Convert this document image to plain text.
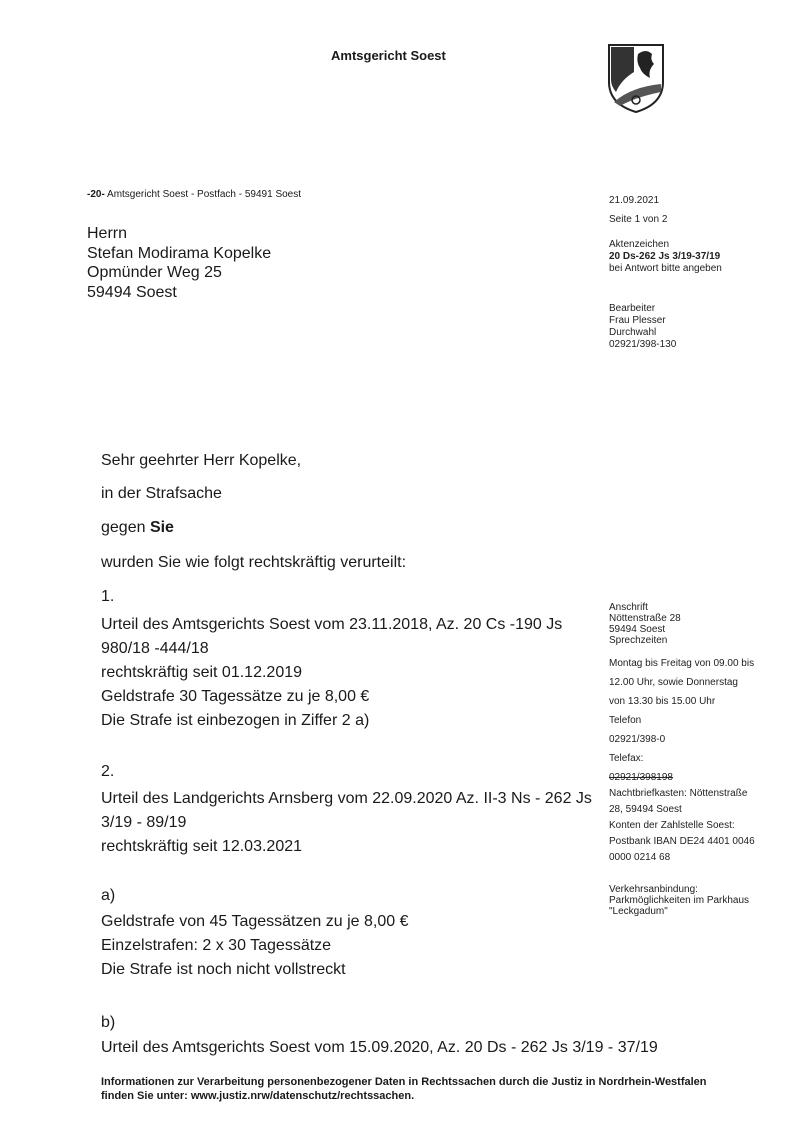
Amtsgericht Soest
-20- Amtsgericht Soest - Postfach - 59491 Soest
Herrn
Stefan Modirama Kopelke
Opmünder Weg 25
59494 Soest
21.09.2021
Seite 1 von 2
Aktenzeichen
20 Ds-262 Js 3/19-37/19
bei Antwort bitte angeben
Bearbeiter
Frau Plesser
Durchwahl
02921/398-130
Sehr geehrter Herr Kopelke,
in der Strafsache
gegen Sie
wurden Sie wie folgt rechtskräftig verurteilt:
1.
Urteil des Amtsgerichts Soest vom 23.11.2018, Az. 20 Cs -190 Js
980/18 -444/18
rechtskräftig seit 01.12.2019
Geldstrafe 30 Tagessätze zu je 8,00 €
Die Strafe ist einbezogen in Ziffer 2 a)
2.
Urteil des Landgerichts Arnsberg vom 22.09.2020 Az. II-3 Ns - 262 Js
3/19 - 89/19
rechtskräftig seit 12.03.2021
a)
Geldstrafe von 45 Tagessätzen zu je 8,00 €
Einzelstrafen: 2 x 30 Tagessätze
Die Strafe ist noch nicht vollstreckt
b)
Urteil des Amtsgerichts Soest vom 15.09.2020, Az. 20 Ds - 262 Js 3/19 - 37/19
Anschrift
Nöttenstraße 28
59494 Soest
Sprechzeiten
Montag bis Freitag von 09.00 bis
12.00 Uhr, sowie Donnerstag
von 13.30 bis 15.00 Uhr
Telefon
02921/398-0
Telefax:
02921/398198
Nachtbriefkasten: Nöttenstraße
28, 59494 Soest
Konten der Zahlstelle Soest:
Postbank IBAN DE24 4401 0046
0000 0214 68
Verkehrsanbindung:
Parkmöglichkeiten im Parkhaus
"Leckgadum"
Informationen zur Verarbeitung personenbezogener Daten in Rechtssachen durch die Justiz in Nordrhein-Westfalen finden Sie unter: www.justiz.nrw/datenschutz/rechtssachen.
